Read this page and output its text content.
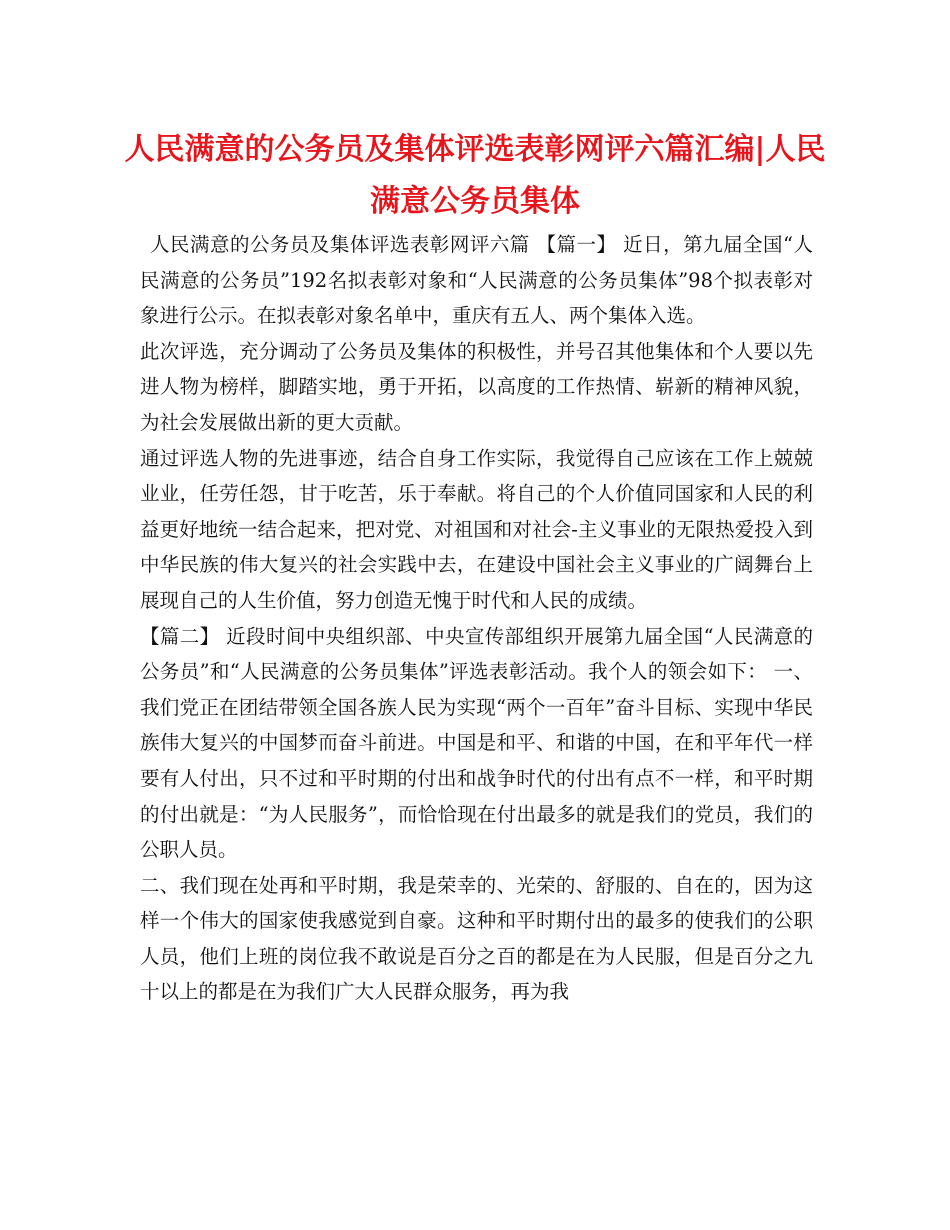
人民满意的公务员及集体评选表彰网评六篇汇编|人民满意公务员集体

人民满意的公务员及集体评选表彰网评六篇 【篇一】 近日，第九届全国“人民满意的公务员”192名拟表彰对象和“人民满意的公务员集体”98个拟表彰对象进行公示。在拟表彰对象名单中，重庆有五人、两个集体入选。

此次评选，充分调动了公务员及集体的积极性，并号召其他集体和个人要以先进人物为榜样，脚踏实地，勇于开拓，以高度的工作热情、崭新的精神风貌，为社会发展做出新的更大贡献。

通过评选人物的先进事迹，结合自身工作实际，我觉得自己应该在工作上兢兢业业，任劳任怨，甘于吃苦，乐于奉献。将自己的个人价值同国家和人民的利益更好地统一结合起来，把对党、对祖国和对社会-主义事业的无限热爱投入到中华民族的伟大复兴的社会实践中去，在建设中国社会主义事业的广阔舞台上展现自己的人生价值，努力创造无愧于时代和人民的成绩。

【篇二】 近段时间中央组织部、中央宣传部组织开展第九届全国“人民满意的公务员”和“人民满意的公务员集体”评选表彰活动。我个人的领会如下： 一、我们党正在团结带领全国各族人民为实现“两个一百年”奋斗目标、实现中华民族伟大复兴的中国梦而奋斗前进。中国是和平、和谐的中国，在和平年代一样要有人付出，只不过和平时期的付出和战争时代的付出有点不一样，和平时期的付出就是：“为人民服务”，而恰恰现在付出最多的就是我们的党员，我们的公职人员。

二、我们现在处再和平时期，我是荣幸的、光荣的、舒服的、自在的，因为这样一个伟大的国家使我感觉到自豪。这种和平时期付出的最多的使我们的公职人员，他们上班的岗位我不敢说是百分之百的都是在为人民服，但是百分之九十以上的都是在为我们广大人民群众服务，再为我
